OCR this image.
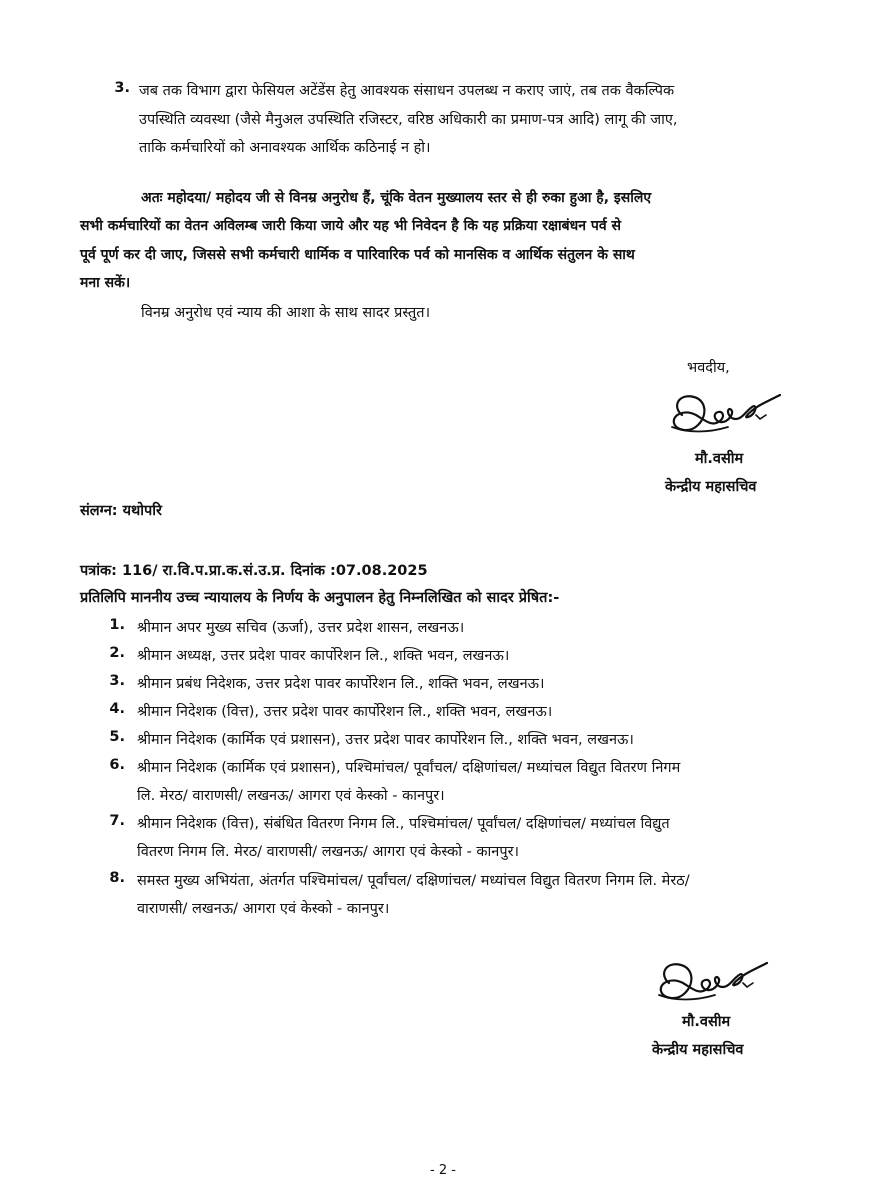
3. जब तक विभाग द्वारा फेसियल अटेंडेंस हेतु आवश्यक संसाधन उपलब्ध न कराए जाएं, तब तक वैकल्पिक
उपस्थिति व्यवस्था (जैसे मैनुअल उपस्थिति रजिस्टर, वरिष्ठ अधिकारी का प्रमाण-पत्र आदि) लागू की जाए,
ताकि कर्मचारियों को अनावश्यक आर्थिक कठिनाई न हो।
अतः महोदया/ महोदय जी से विनम्र अनुरोध हैं, चूंकि वेतन मुख्यालय स्तर से ही रुका हुआ है, इसलिए
सभी कर्मचारियों का वेतन अविलम्ब जारी किया जाये और यह भी निवेदन है कि यह प्रक्रिया रक्षाबंधन पर्व से
पूर्व पूर्ण कर दी जाए, जिससे सभी कर्मचारी धार्मिक व पारिवारिक पर्व को मानसिक व आर्थिक संतुलन के साथ
मना सकें।
विनम्र अनुरोध एवं न्याय की आशा के साथ सादर प्रस्तुत।
भवदीय,
मौ.वसीम
केन्द्रीय महासचिव
संलग्न: यथोपरि
पत्रांक: 116/ रा.वि.प.प्रा.क.सं.उ.प्र. दिनांक :07.08.2025
प्रतिलिपि माननीय उच्च न्यायालय के निर्णय के अनुपालन हेतु निम्नलिखित को सादर प्रेषित:-
1. श्रीमान अपर मुख्य सचिव (ऊर्जा), उत्तर प्रदेश शासन, लखनऊ।
2. श्रीमान अध्यक्ष, उत्तर प्रदेश पावर कार्पोरेशन लि., शक्ति भवन, लखनऊ।
3. श्रीमान प्रबंध निदेशक, उत्तर प्रदेश पावर कार्पोरेशन लि., शक्ति भवन, लखनऊ।
4. श्रीमान निदेशक (वित्त), उत्तर प्रदेश पावर कार्पोरेशन लि., शक्ति भवन, लखनऊ।
5. श्रीमान निदेशक (कार्मिक एवं प्रशासन), उत्तर प्रदेश पावर कार्पोरेशन लि., शक्ति भवन, लखनऊ।
6. श्रीमान निदेशक (कार्मिक एवं प्रशासन), पश्चिमांचल/ पूर्वांचल/ दक्षिणांचल/ मध्यांचल विद्युत वितरण निगम
लि. मेरठ/ वाराणसी/ लखनऊ/ आगरा एवं केस्को - कानपुर।
7. श्रीमान निदेशक (वित्त), संबंधित वितरण निगम लि., पश्चिमांचल/ पूर्वांचल/ दक्षिणांचल/ मध्यांचल विद्युत
वितरण निगम लि. मेरठ/ वाराणसी/ लखनऊ/ आगरा एवं केस्को - कानपुर।
8. समस्त मुख्य अभियंता, अंतर्गत पश्चिमांचल/ पूर्वांचल/ दक्षिणांचल/ मध्यांचल विद्युत वितरण निगम लि. मेरठ/
वाराणसी/ लखनऊ/ आगरा एवं केस्को - कानपुर।
मौ.वसीम
केन्द्रीय महासचिव
- 2 -
